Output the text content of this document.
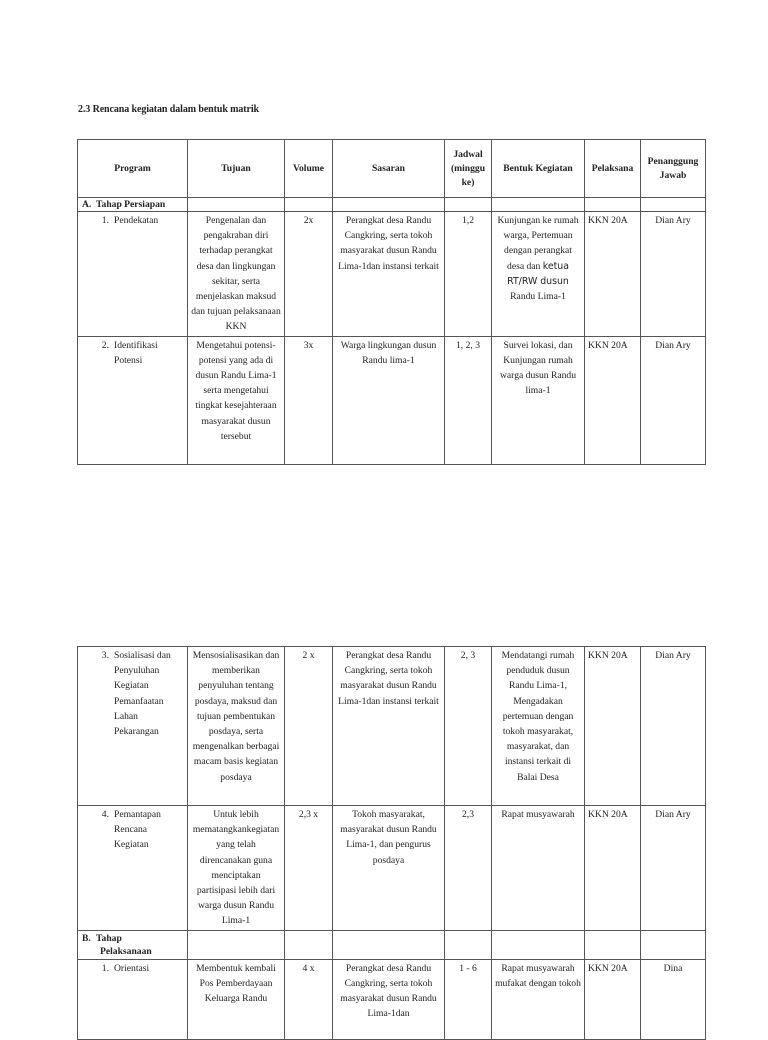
2.3 Rencana kegiatan dalam bentuk matrik
Program	Tujuan	Volume	Sasaran	Jadwal (minggu ke)	Bentuk Kegiatan	Pelaksana	Penanggung Jawab
A. Tahap Persiapan							

1. Pendekatan	Pengenalan dan pengakraban diri terhadap perangkat desa dan lingkungan sekitar, serta menjelaskan maksud dan tujuan pelaksanaan KKN	2x	Perangkat desa Randu Cangkring, serta tokoh masyarakat dusun Randu Lima-1dan instansi terkait	1,2	Kunjungan ke rumah warga, Pertemuan dengan perangkat desa dan ketua RT/RW dusun Randu Lima-1	KKN 20A	Dian Ary

2. Identifikasi Potensi	Mengetahui potensi-potensi yang ada di dusun Randu Lima-1 serta mengetahui tingkat kesejahteraan masyarakat dusun tersebut	3x	Warga lingkungan dusun Randu lima-1	1, 2, 3	Survei lokasi, dan Kunjungan rumah warga dusun Randu lima-1	KKN 20A	Dian Ary
3. Sosialisasi dan Penyuluhan Kegiatan Pemanfaatan Lahan Pekarangan	Mensosialisasikan dan memberikan penyuluhan tentang posdaya, maksud dan tujuan pembentukan posdaya, serta mengenalkan berbagai macam basis kegiatan posdaya	2 x	Perangkat desa Randu Cangkring, serta tokoh masyarakat dusun Randu Lima-1dan instansi terkait	2, 3	Mendatangi rumah penduduk dusun Randu Lima-1, Mengadakan pertemuan dengan tokoh masyarakat, masyarakat, dan instansi terkait di Balai Desa	KKN 20A	Dian Ary

4. Pemantapan Rencana Kegiatan	Untuk lebih mematangkankegiatan yang telah direncanakan guna menciptakan partisipasi lebih dari warga dusun Randu Lima-1	2,3 x	Tokoh masyarakat, masyarakat dusun Randu Lima-1, dan pengurus posdaya	2,3	Rapat musyawarah	KKN 20A	Dian Ary
B. Tahap
Pelaksanaan							

1. Orientasi	Membentuk kembali Pos Pemberdayaan Keluarga Randu	4 x	Perangkat desa Randu Cangkring, serta tokoh masyarakat dusun Randu Lima-1dan	1 - 6	Rapat musyawarah mufakat dengan tokoh	KKN 20A	Dina
